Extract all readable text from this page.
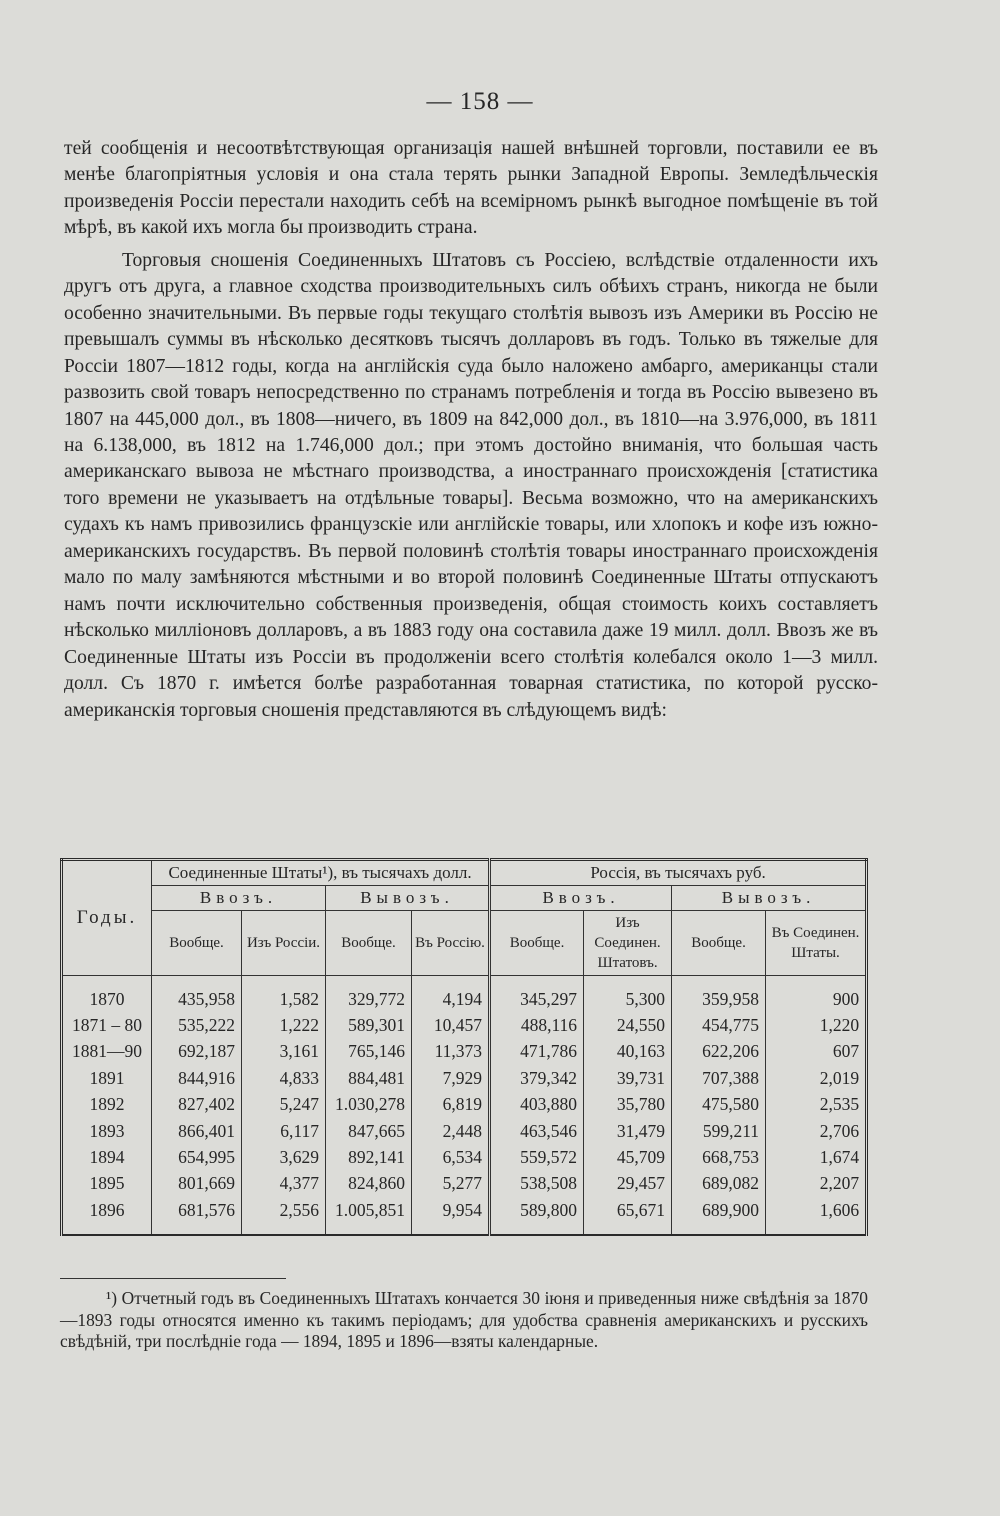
— 158 —

тей сообщенія и несоотвѣтствующая организація нашей внѣшней торговли, поставили ее въ менѣе благопріятныя условія и она стала терять рынки Западной Европы. Земледѣльческія произведенія Россіи перестали находить себѣ на всемірномъ рынкѣ выгодное помѣщеніе въ той мѣрѣ, въ какой ихъ могла бы производить страна.

Торговыя сношенія Соединенныхъ Штатовъ съ Россіею, вслѣдствіе отдаленности ихъ другъ отъ друга, а главное сходства производительныхъ силъ обѣихъ странъ, никогда не были особенно значительными. Въ первые годы текущаго столѣтія вывозъ изъ Америки въ Россію не превышалъ суммы въ нѣсколько десятковъ тысячъ долларовъ въ годъ. Только въ тяжелые для Россіи 1807—1812 годы, когда на англійскія суда было наложено амбарго, американцы стали развозить свой товаръ непосредственно по странамъ потребленія и тогда въ Россію вывезено въ 1807 на 445,000 дол., въ 1808—ничего, въ 1809 на 842,000 дол., въ 1810—на 3.976,000, въ 1811 на 6.138,000, въ 1812 на 1.746,000 дол.; при этомъ достойно вниманія, что большая часть американскаго вывоза не мѣстнаго производства, а иностраннаго происхожденія [статистика того времени не указываетъ на отдѣльные товары]. Весьма возможно, что на американскихъ судахъ къ намъ привозились французскіе или англійскіе товары, или хлопокъ и кофе изъ южно-американскихъ государствъ. Въ первой половинѣ столѣтія товары иностраннаго происхожденія мало по малу замѣняются мѣстными и во второй половинѣ Соединенные Штаты отпускаютъ намъ почти исключительно собственныя произведенія, общая стоимость коихъ составляетъ нѣсколько милліоновъ долларовъ, а въ 1883 году она составила даже 19 милл. долл. Ввозъ же въ Соединенные Штаты изъ Россіи въ продолженіи всего столѣтія колебался около 1—3 милл. долл. Съ 1870 г. имѣется болѣе разработанная товарная статистика, по которой русско-американскія торговыя сношенія представляются въ слѣдующемъ видѣ:

Годы.	Соединенные Штаты¹), въ тысячахъ долл.				Россія, въ тысячахъ руб.			
	Ввозъ.		Вывозъ.		Ввозъ.		Вывозъ.	
	Вообще.	Изъ Россіи.	Вообще.	Въ Россію.	Вообще.	Изъ Соединен. Штатовъ.	Вообще.	Въ Соединен. Штаты.
1870	435,958	1,582	329,772	4,194	345,297	5,300	359,958	900
1871 – 80	535,222	1,222	589,301	10,457	488,116	24,550	454,775	1,220
1881—90	692,187	3,161	765,146	11,373	471,786	40,163	622,206	607
1891	844,916	4,833	884,481	7,929	379,342	39,731	707,388	2,019
1892	827,402	5,247	1.030,278	6,819	403,880	35,780	475,580	2,535
1893	866,401	6,117	847,665	2,448	463,546	31,479	599,211	2,706
1894	654,995	3,629	892,141	6,534	559,572	45,709	668,753	1,674
1895	801,669	4,377	824,860	5,277	538,508	29,457	689,082	2,207
1896	681,576	2,556	1.005,851	9,954	589,800	65,671	689,900	1,606
¹) Отчетный годъ въ Соединенныхъ Штатахъ кончается 30 іюня и приведенныя ниже свѣдѣнія за 1870—1893 годы относятся именно къ такимъ періодамъ; для удобства сравненія американскихъ и русскихъ свѣдѣній, три послѣдніе года — 1894, 1895 и 1896—взяты календарные.
